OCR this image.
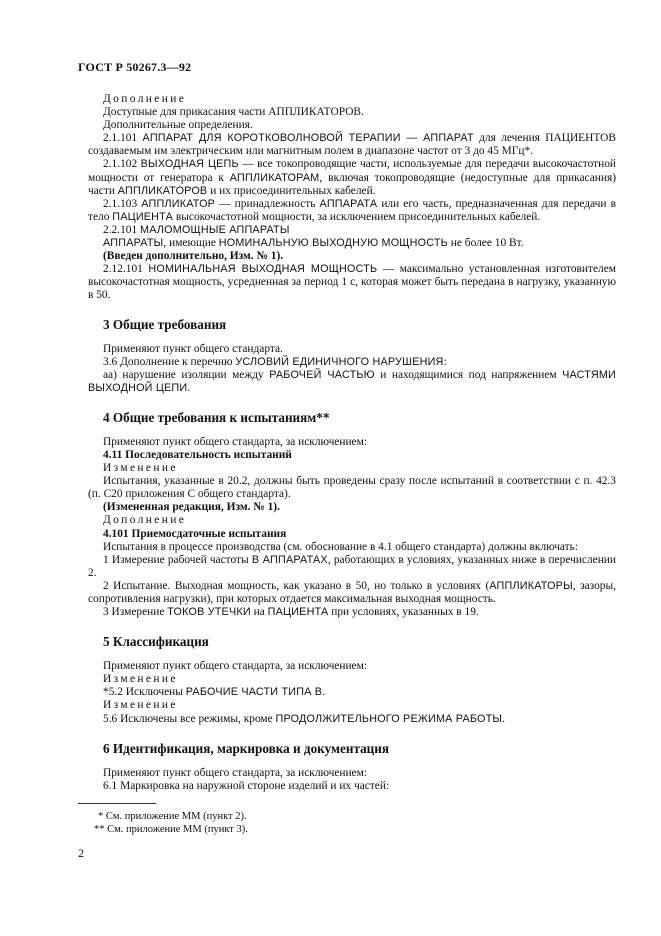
ГОСТ Р 50267.3—92

Дополнение

Доступные для прикасания части АППЛИКАТОРОВ.

Дополнительные определения.

2.1.101 АППАРАТ ДЛЯ КОРОТКОВОЛНОВОЙ ТЕРАПИИ — АППАРАТ для лечения ПАЦИЕНТОВ создаваемым им электрическим или магнитным полем в диапазоне частот от 3 до 45 МГц*.

2.1.102 ВЫХОДНАЯ ЦЕПЬ — все токопроводящие части, используемые для передачи высокочастотной мощности от генератора к АППЛИКАТОРАМ, включая токопроводящие (недоступные для прикасания) части АППЛИКАТОРОВ и их присоединительных кабелей.

2.1.103 АППЛИКАТОР — принадлежность АППАРАТА или его часть, предназначенная для передачи в тело ПАЦИЕНТА высокочастотной мощности, за исключением присоединительных кабелей.

2.2.101 МАЛОМОЩНЫЕ АППАРАТЫ

АППАРАТЫ, имеющие НОМИНАЛЬНУЮ ВЫХОДНУЮ МОЩНОСТЬ не более 10 Вт.

(Введен дополнительно, Изм. № 1).

2.12.101 НОМИНАЛЬНАЯ ВЫХОДНАЯ МОЩНОСТЬ — максимально установленная изготовителем высокочастотная мощность, усредненная за период 1 с, которая может быть передана в нагрузку, указанную в 50.

3 Общие требования

Применяют пункт общего стандарта.

3.6 Дополнение к перечню УСЛОВИЙ ЕДИНИЧНОГО НАРУШЕНИЯ:

аа) нарушение изоляции между РАБОЧЕЙ ЧАСТЬЮ и находящимися под напряжением ЧАСТЯМИ ВЫХОДНОЙ ЦЕПИ.

4 Общие требования к испытаниям**

Применяют пункт общего стандарта, за исключением:

4.11 Последовательность испытаний

Изменение

Испытания, указанные в 20.2, должны быть проведены сразу после испытаний в соответствии с п. 42.3 (п. С20 приложения С общего стандарта).

(Измененная редакция, Изм. № 1).

Дополнение

4.101 Приемосдаточные испытания

Испытания в процессе производства (см. обоснование в 4.1 общего стандарта) должны включать:

1 Измерение рабочей частоты В АППАРАТАХ, работающих в условиях, указанных ниже в перечислении 2.

2 Испытание. Выходная мощность, как указано в 50, но только в условиях (АППЛИКАТОРЫ, зазоры, сопротивления нагрузки), при которых отдается максимальная выходная мощность.

3 Измерение ТОКОВ УТЕЧКИ на ПАЦИЕНТА при условиях, указанных в 19.

5 Классификация

Применяют пункт общего стандарта, за исключением:

Изменение

*5.2 Исключены РАБОЧИЕ ЧАСТИ ТИПА В.

Изменение

5.6 Исключены все режимы, кроме ПРОДОЛЖИТЕЛЬНОГО РЕЖИМА РАБОТЫ.

6 Идентификация, маркировка и документация

Применяют пункт общего стандарта, за исключением:

6.1 Маркировка на наружной стороне изделий и их частей:

* См. приложение ММ (пункт 2).
** См. приложение ММ (пункт 3).
2
